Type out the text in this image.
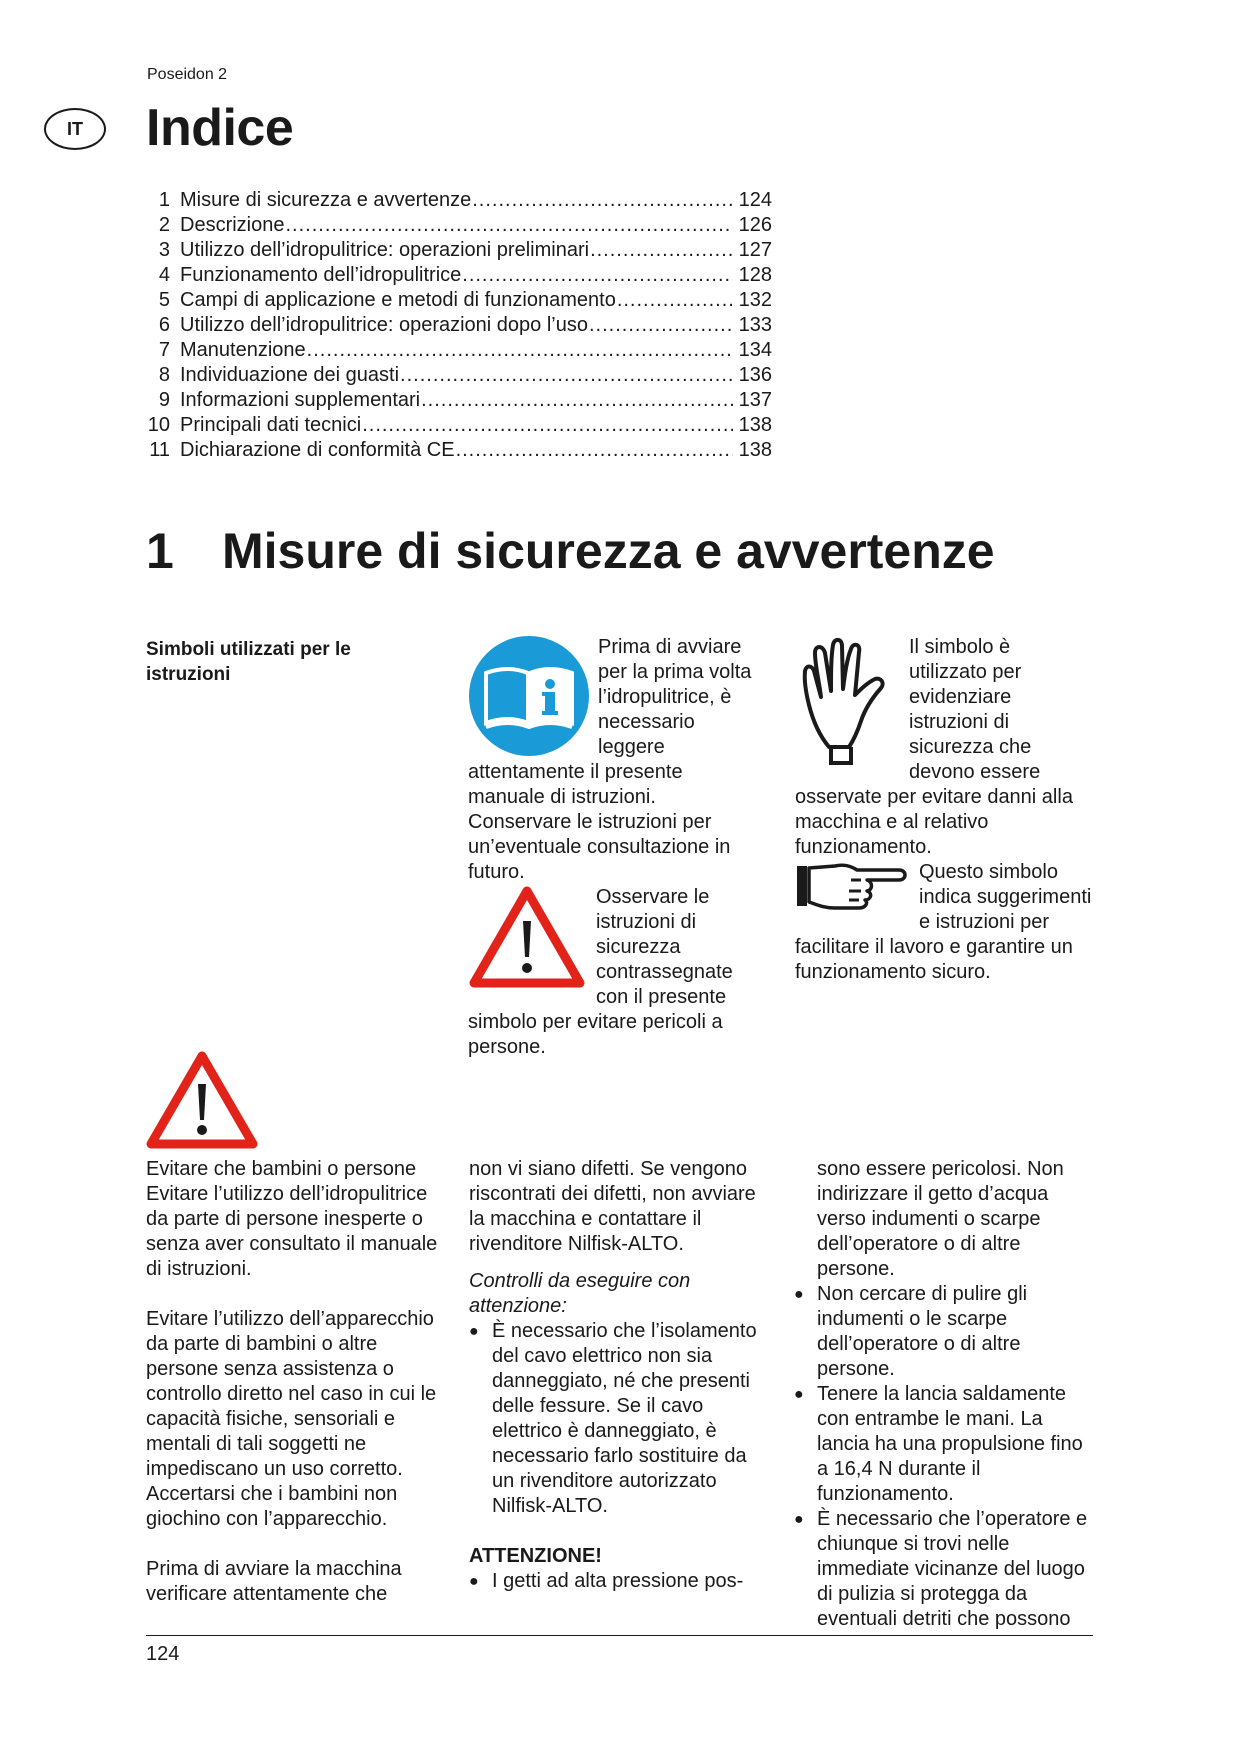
Poseidon 2
IT	Indice
1 Misure di sicurezza e avvertenze .....	124
2 Descrizione .....	126
3 Utilizzo dell’idropulitrice: operazioni preliminari .....	127
4 Funzionamento dell’idropulitrice .....	128
5 Campi di applicazione e metodi di funzionamento .....	132
6 Utilizzo dell’idropulitrice: operazioni dopo l’uso .....	133
7 Manutenzione .....	134
8 Individuazione dei guasti .....	136
9 Informazioni supplementari .....	137
10 Principali dati tecnici .....	138
11 Dichiarazione di conformità CE .....	138
1 Misure di sicurezza e avvertenze
Simboli utilizzati per le istruzioni
Prima di avviare per la prima volta l’idropulitrice, è necessario leggere attentamente il presente manuale di istruzioni. Conservare le istruzioni per un’eventuale consultazione in futuro.
Osservare le istruzioni di sicurezza contrassegnate con il presente simbolo per evitare pericoli a persone.
Il simbolo è utilizzato per evidenziare istruzioni di sicurezza che devono essere osservate per evitare danni alla macchina e al relativo funzionamento.
Questo simbolo indica suggerimenti e istruzioni per facilitare il lavoro e garantire un funzionamento sicuro.

Evitare che bambini o persone Evitare l’utilizzo dell’idropulitrice da parte di persone inesperte o senza aver consultato il manuale di istruzioni.

Evitare l’utilizzo dell’apparecchio da parte di bambini o altre persone senza assistenza o controllo diretto nel caso in cui le capacità fisiche, sensoriali e mentali di tali soggetti ne impediscano un uso corretto. Accertarsi che i bambini non giochino con l’apparecchio.

Prima di avviare la macchina verificare attentamente che

non vi siano difetti. Se vengono riscontrati dei difetti, non avviare la macchina e contattare il rivenditore Nilfisk-ALTO.

Controlli da eseguire con attenzione:

● È necessario che l’isolamento del cavo elettrico non sia danneggiato, né che presenti delle fessure. Se il cavo elettrico è danneggiato, è necessario farlo sostituire da un rivenditore autorizzato Nilfisk-ALTO.

ATTENZIONE!

● I getti ad alta pressione pos-

sono essere pericolosi. Non indirizzare il getto d’acqua verso indumenti o scarpe dell’operatore o di altre persone.

● Non cercare di pulire gli indumenti o le scarpe dell’operatore o di altre persone.
● Tenere la lancia saldamente con entrambe le mani. La lancia ha una propulsione fino a 16,4 N durante il funzionamento.
● È necessario che l’operatore e chiunque si trovi nelle immediate vicinanze del luogo di pulizia si protegga da eventuali detriti che possono
124
